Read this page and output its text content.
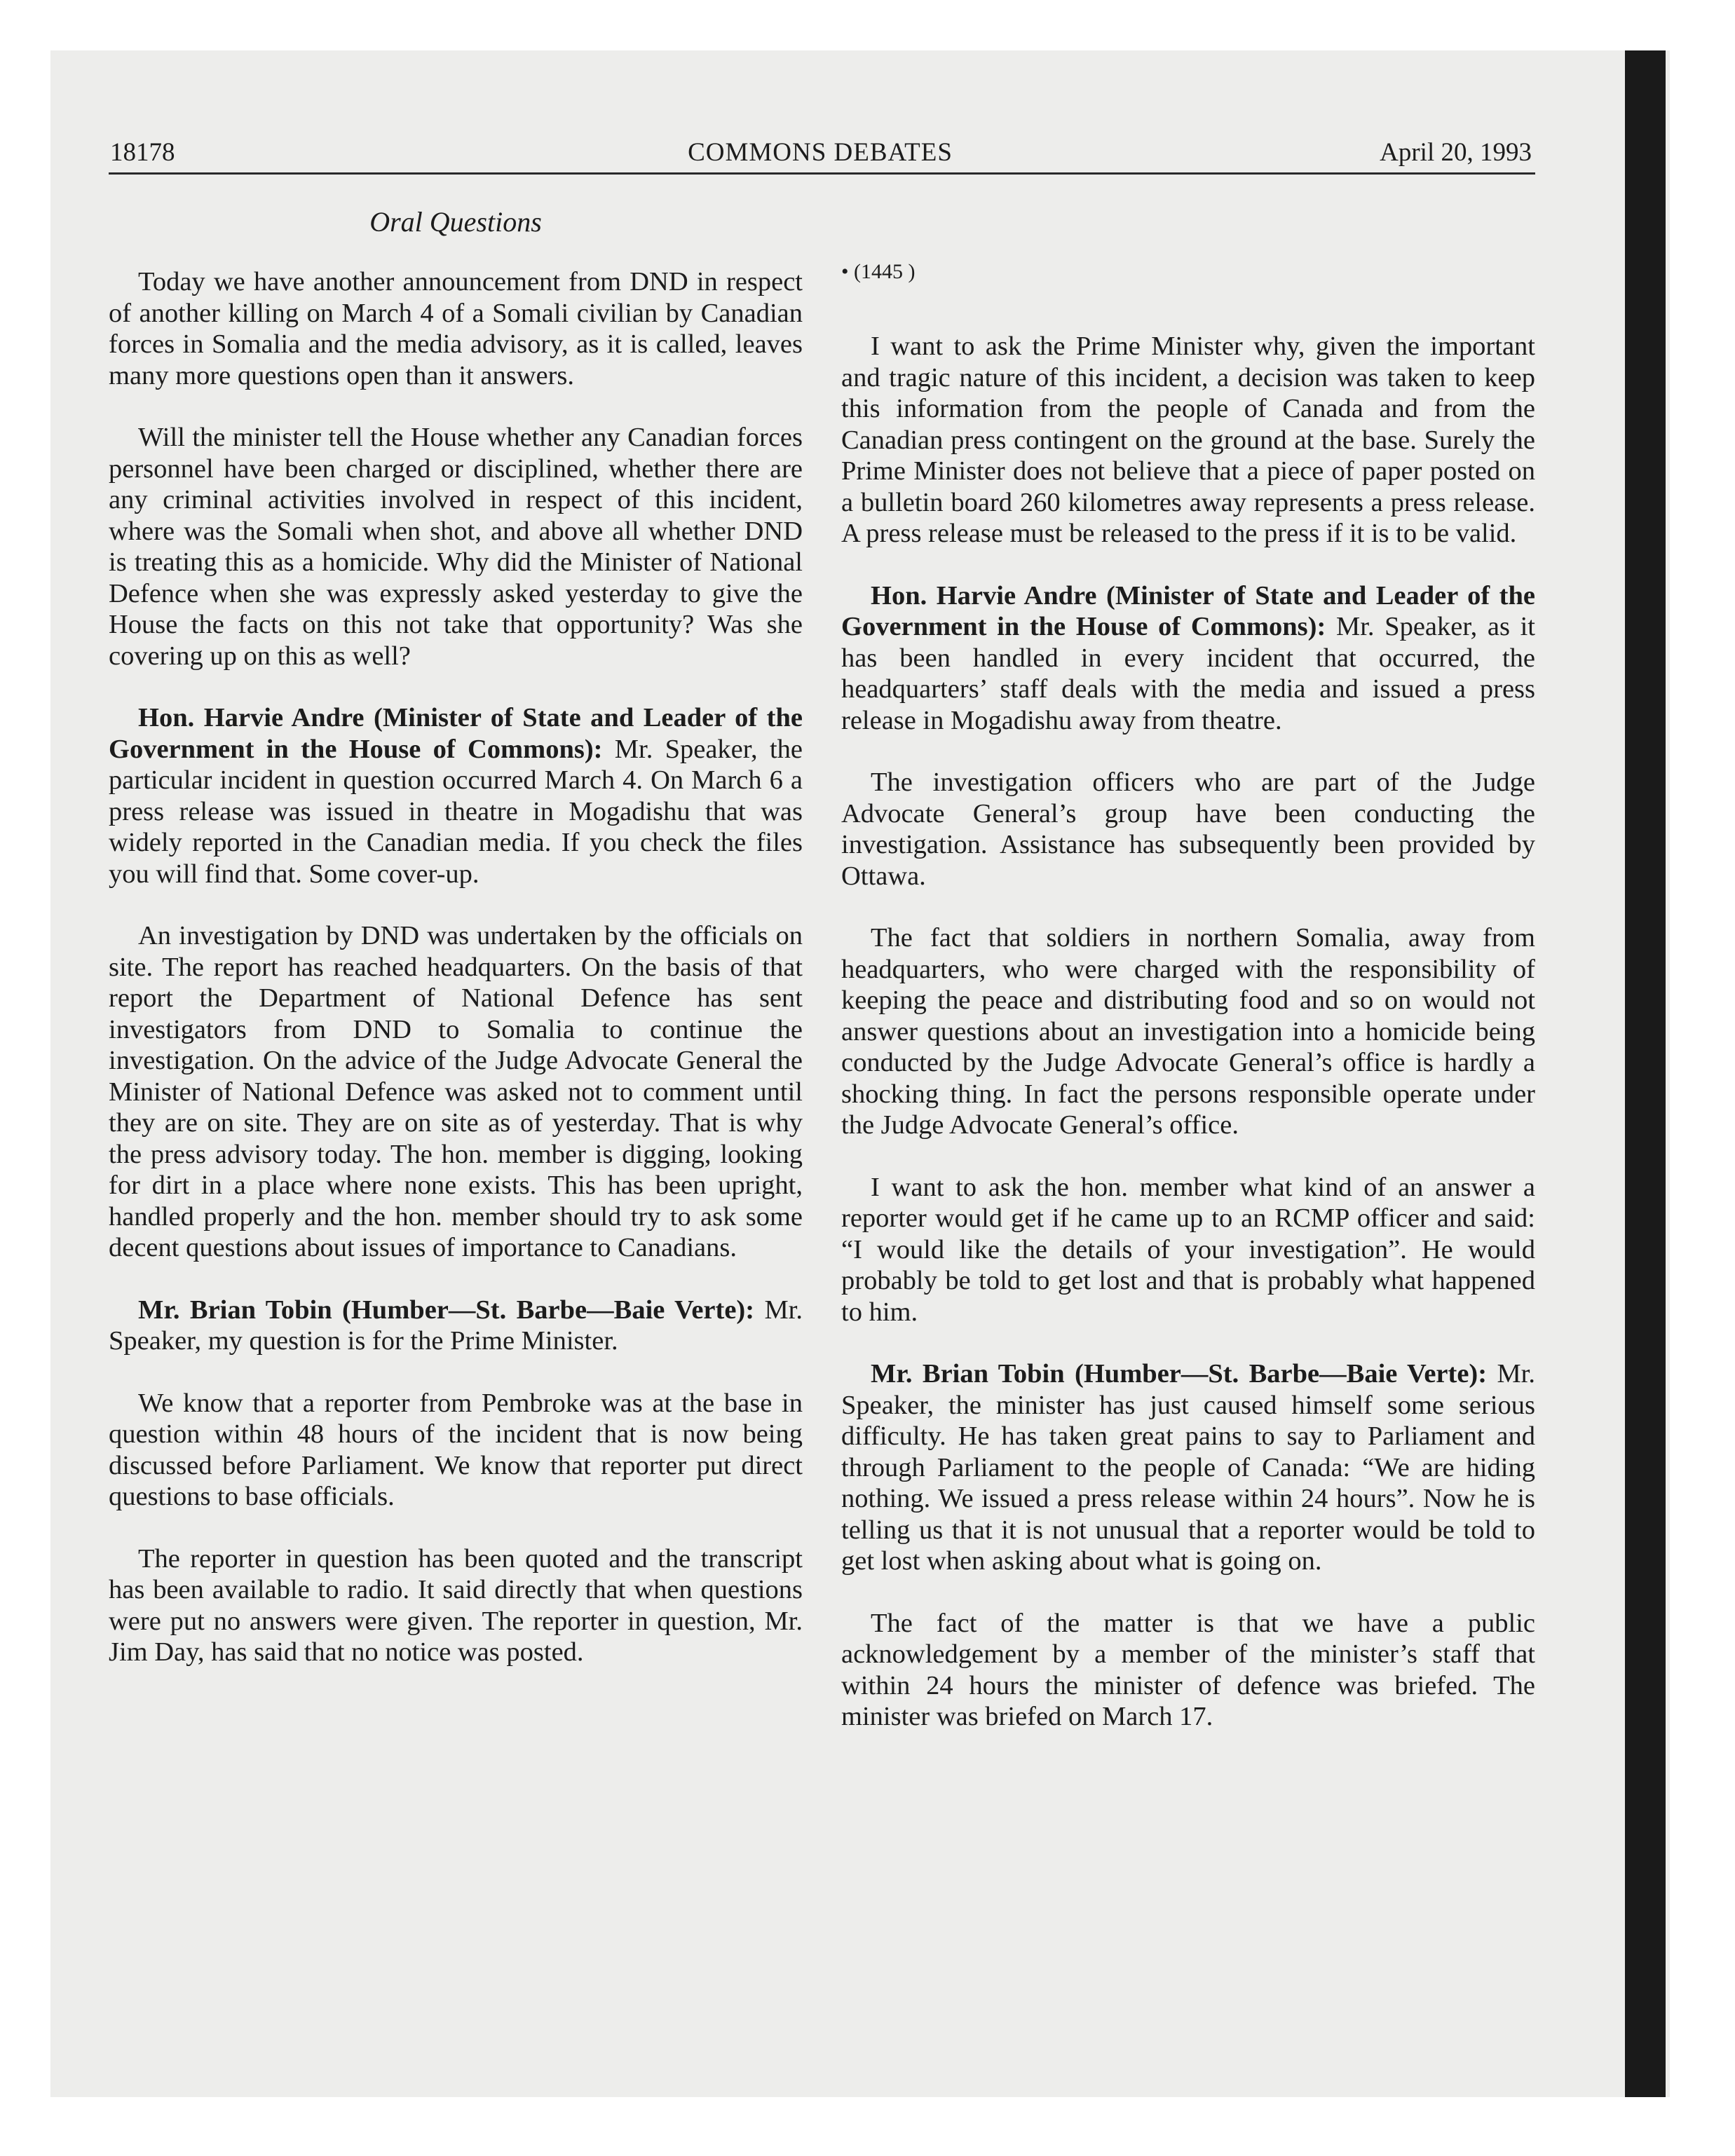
18178	COMMONS DEBATES	April 20, 1993
Oral Questions

Today we have another announcement from DND in respect of another killing on March 4 of a Somali civilian by Canadian forces in Somalia and the media advisory, as it is called, leaves many more questions open than it answers.

Will the minister tell the House whether any Canadian forces personnel have been charged or disciplined, whether there are any criminal activities involved in respect of this incident, where was the Somali when shot, and above all whether DND is treating this as a homicide. Why did the Minister of National Defence when she was expressly asked yesterday to give the House the facts on this not take that opportunity? Was she covering up on this as well?

Hon. Harvie Andre (Minister of State and Leader of the Government in the House of Commons): Mr. Speaker, the particular incident in question occurred March 4. On March 6 a press release was issued in theatre in Mogadishu that was widely reported in the Canadian media. If you check the files you will find that. Some cover-up.

An investigation by DND was undertaken by the officials on site. The report has reached headquarters. On the basis of that report the Department of National Defence has sent investigators from DND to Somalia to continue the investigation. On the advice of the Judge Advocate General the Minister of National Defence was asked not to comment until they are on site. They are on site as of yesterday. That is why the press advisory today. The hon. member is digging, looking for dirt in a place where none exists. This has been upright, handled properly and the hon. member should try to ask some decent questions about issues of importance to Canadians.

Mr. Brian Tobin (Humber—St. Barbe—Baie Verte): Mr. Speaker, my question is for the Prime Minister.

We know that a reporter from Pembroke was at the base in question within 48 hours of the incident that is now being discussed before Parliament. We know that reporter put direct questions to base officials.

The reporter in question has been quoted and the transcript has been available to radio. It said directly that when questions were put no answers were given. The reporter in question, Mr. Jim Day, has said that no notice was posted.

• (1445 )

I want to ask the Prime Minister why, given the important and tragic nature of this incident, a decision was taken to keep this information from the people of Canada and from the Canadian press contingent on the ground at the base. Surely the Prime Minister does not believe that a piece of paper posted on a bulletin board 260 kilometres away represents a press release. A press release must be released to the press if it is to be valid.

Hon. Harvie Andre (Minister of State and Leader of the Government in the House of Commons): Mr. Speaker, as it has been handled in every incident that occurred, the headquarters’ staff deals with the media and issued a press release in Mogadishu away from theatre.

The investigation officers who are part of the Judge Advocate General’s group have been conducting the investigation. Assistance has subsequently been provided by Ottawa.

The fact that soldiers in northern Somalia, away from headquarters, who were charged with the responsibility of keeping the peace and distributing food and so on would not answer questions about an investigation into a homicide being conducted by the Judge Advocate General’s office is hardly a shocking thing. In fact the persons responsible operate under the Judge Advocate General’s office.

I want to ask the hon. member what kind of an answer a reporter would get if he came up to an RCMP officer and said: “I would like the details of your investigation”. He would probably be told to get lost and that is probably what happened to him.

Mr. Brian Tobin (Humber—St. Barbe—Baie Verte): Mr. Speaker, the minister has just caused himself some serious difficulty. He has taken great pains to say to Parliament and through Parliament to the people of Canada: “We are hiding nothing. We issued a press release within 24 hours”. Now he is telling us that it is not unusual that a reporter would be told to get lost when asking about what is going on.

The fact of the matter is that we have a public acknowledgement by a member of the minister’s staff that within 24 hours the minister of defence was briefed. The minister was briefed on March 17.
